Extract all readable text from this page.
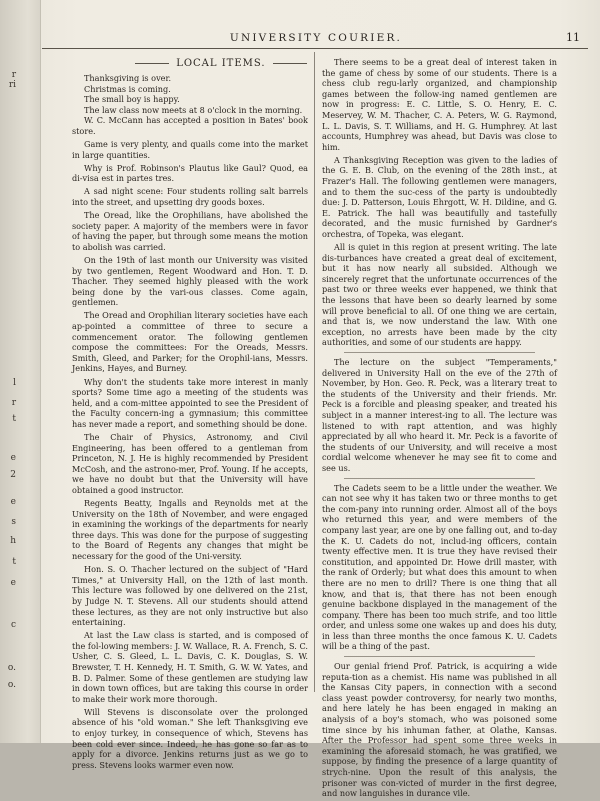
r
ri
l
r
t
e
2
e
s
h
t
e
c
o.
o.
UNIVERSITY COURIER.	11
LOCAL ITEMS.

Thanksgiving is over.

Christmas is coming.

The small boy is happy.

The law class now meets at 8 o'clock in the morning.

W. C. McCann has accepted a position in Bates' book store.

Game is very plenty, and quails come into the market in large quantities.

Why is Prof. Robinson's Plautus like Gaul? Quod, ea di-visa est in partes tres.

A sad night scene: Four students rolling salt barrels into the street, and upsetting dry goods boxes.

The Oread, like the Orophilians, have abolished the society paper. A majority of the members were in favor of having the paper, but through some means the motion to abolish was carried.

On the 19th of last month our University was visited by two gentlemen, Regent Woodward and Hon. T. D. Thacher. They seemed highly pleased with the work being done by the vari-ous classes. Come again, gentlemen.

The Oread and Orophilian literary societies have each ap-pointed a committee of three to secure a commencement orator. The following gentlemen compose the committees: For the Oreads, Messrs. Smith, Gleed, and Parker; for the Orophil-ians, Messrs. Jenkins, Hayes, and Burney.

Why don't the students take more interest in manly sports? Some time ago a meeting of the students was held, and a com-mittee appointed to see the President of the Faculty concern-ing a gymnasium; this committee has never made a report, and something should be done.

The Chair of Physics, Astronomy, and Civil Engineering, has been offered to a gentleman from Princeton, N. J. He is highly recommended by President McCosh, and the astrono-mer, Prof. Young. If he accepts, we have no doubt but that the University will have obtained a good instructor.

Regents Beatty, Ingalls and Reynolds met at the University on the 18th of November, and were engaged in examining the workings of the departments for nearly three days. This was done for the purpose of suggesting to the Board of Regents any changes that might be necessary for the good of the Uni-versity.

Hon. S. O. Thacher lectured on the subject of "Hard Times," at University Hall, on the 12th of last month. This lecture was followed by one delivered on the 21st, by Judge N. T. Stevens. All our students should attend these lectures, as they are not only instructive but also entertaining.

At last the Law class is started, and is composed of the fol-lowing members: J. W. Wallace, R. A. French, S. C. Usher, C. S. Gleed, L. L. Davis, C. K. Douglas, S. W. Brewster, T. H. Kennedy, H. T. Smith, G. W. W. Yates, and B. D. Palmer. Some of these gentlemen are studying law in down town offices, but are taking this course in order to make their work more thorough.

Will Stevens is disconsolate over the prolonged absence of his "old woman." She left Thanksgiving eve to enjoy turkey, in consequence of which, Stevens has been cold ever since. Indeed, he has gone so far as to apply for a divorce. Jenkins returns just as we go to press. Stevens looks warmer even now.

There seems to be a great deal of interest taken in the game of chess by some of our students. There is a chess club regu-larly organized, and championship games between the follow-ing named gentlemen are now in progress: E. C. Little, S. O. Henry, E. C. Meservey, W. M. Thacher, C. A. Peters, W. G. Raymond, L. L. Davis, S. T. Williams, and H. G. Humphrey. At last accounts, Humphrey was ahead, but Davis was close to him.

A Thanksgiving Reception was given to the ladies of the G. E. B. Club, on the evening of the 28th inst., at Frazer's Hall. The following gentlemen were managers, and to them the suc-cess of the party is undoubtedly due: J. D. Patterson, Louis Ehrgott, W. H. Dildine, and G. E. Patrick. The hall was beautifully and tastefully decorated, and the music furnished by Gardner's orchestra, of Topeka, was elegant.

All is quiet in this region at present writing. The late dis-turbances have created a great deal of excitement, but it has now nearly all subsided. Although we sincerely regret that the unfortunate occurrences of the past two or three weeks ever happened, we think that the lessons that have been so dearly learned by some will prove beneficial to all. Of one thing we are certain, and that is, we now understand the law. With one exception, no arrests have been made by the city authorities, and some of our students are happy.

The lecture on the subject "Temperaments," delivered in University Hall on the eve of the 27th of November, by Hon. Geo. R. Peck, was a literary treat to the students of the University and their friends. Mr. Peck is a forcible and pleasing speaker, and treated his subject in a manner interest-ing to all. The lecture was listened to with rapt attention, and was highly appreciated by all who heard it. Mr. Peck is a favorite of the students of our University, and will receive a most cordial welcome whenever he may see fit to come and see us.

The Cadets seem to be a little under the weather. We can not see why it has taken two or three months to get the com-pany into running order. Almost all of the boys who returned this year, and were members of the company last year, are one by one falling out, and to-day the K. U. Cadets do not, includ-ing officers, contain twenty effective men. It is true they have revised their constitution, and appointed Dr. Howe drill master, with the rank of Orderly; but what does this amount to when there are no men to drill? There is one thing that all know, and that is, that there has not been enough genuine backbone displayed in the management of the company. There has been too much strife, and too little order, and unless some one wakes up and does his duty, in less than three months the once famous K. U. Cadets will be a thing of the past.

Our genial friend Prof. Patrick, is acquiring a wide reputa-tion as a chemist. His name was published in all the Kansas City papers, in connection with a second class yeast powder controversy, for nearly two months, and here lately he has been engaged in making an analysis of a boy's stomach, who was poisoned some time since by his inhuman father, at Olathe, Kansas. After the Professor had spent some three weeks in examining the aforesaid stomach, he was gratified, we suppose, by finding the presence of a large quantity of strych-nine. Upon the result of this analysis, the prisoner was con-victed of murder in the first degree, and now languishes in durance vile.
